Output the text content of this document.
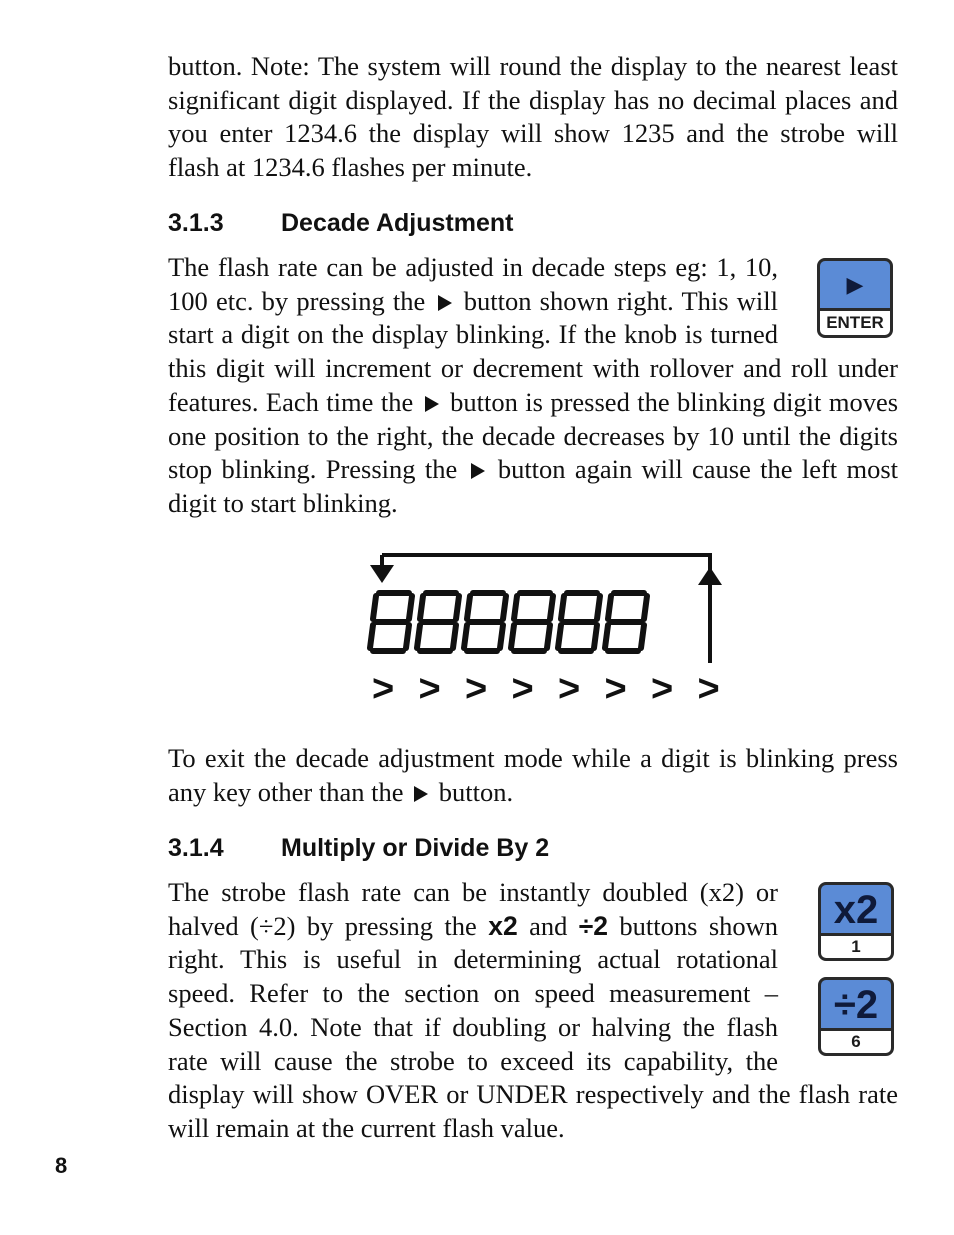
button. Note: The system will round the display to the nearest least significant digit displayed. If the display has no decimal places and you enter 1234.6 the display will show 1235 and the strobe will flash at 1234.6 flashes per minute.
3.1.3 Decade Adjustment
The flash rate can be adjusted in decade steps eg: 1, 10, 100 etc. by pressing the button shown right. This will start a digit on the display blinking. If the knob is turned this digit will increment or decrement with rollover and roll under features. Each time the button is pressed the blinking digit moves one position to the right, the decade decreases by 10 until the digits stop blinking. Pressing the button again will cause the left most digit to start blinking.
▶
ENTER
> > > > > > > >
To exit the decade adjustment mode while a digit is blinking press any key other than the button.
3.1.4 Multiply or Divide By 2
The strobe flash rate can be instantly doubled (x2) or halved (÷2) by pressing the x2 and ÷2 buttons shown right. This is useful in determining actual rotational speed. Refer to the section on speed measurement – Section 4.0. Note that if doubling or halving the flash rate will cause the strobe to exceed its capability, the display will show OVER or UNDER respectively and the flash rate will remain at the current flash value.
x2
1
÷2
6
8
